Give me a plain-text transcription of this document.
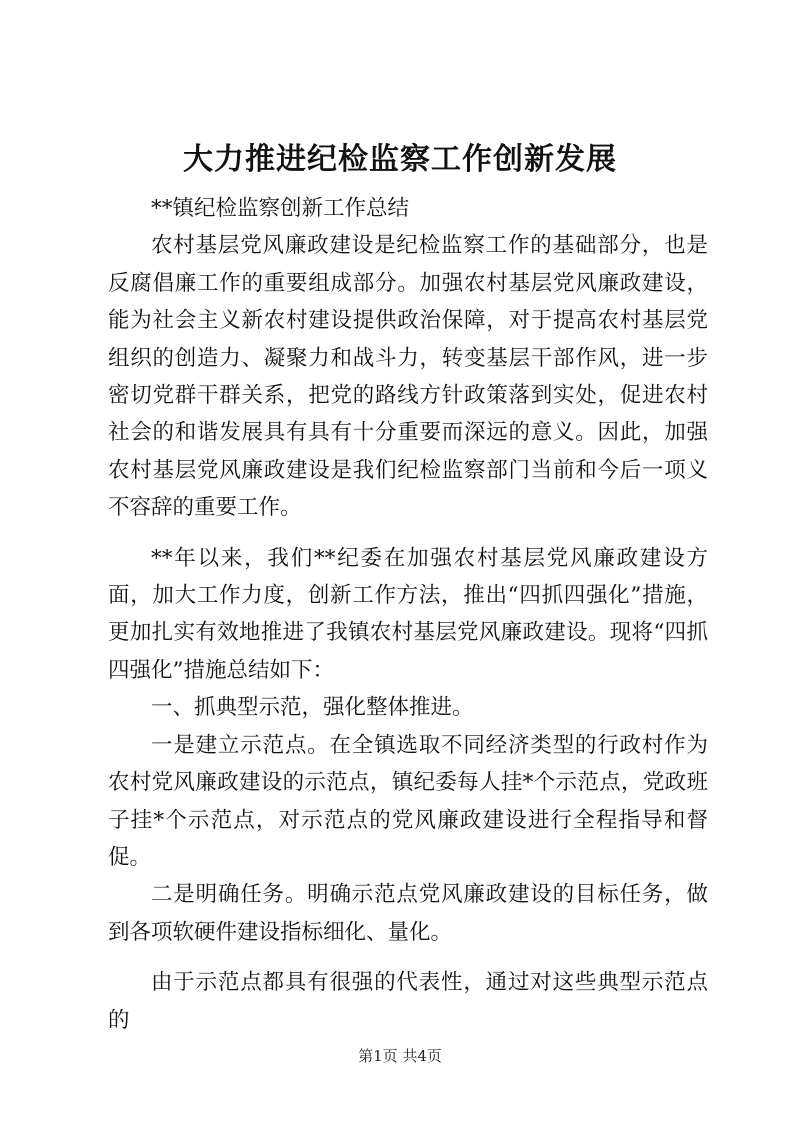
大力推进纪检监察工作创新发展

**镇纪检监察创新工作总结

农村基层党风廉政建设是纪检监察工作的基础部分，也是反腐倡廉工作的重要组成部分。加强农村基层党风廉政建设，能为社会主义新农村建设提供政治保障，对于提高农村基层党组织的创造力、凝聚力和战斗力，转变基层干部作风，进一步密切党群干群关系，把党的路线方针政策落到实处，促进农村社会的和谐发展具有具有十分重要而深远的意义。因此，加强农村基层党风廉政建设是我们纪检监察部门当前和今后一项义不容辞的重要工作。

**年以来，我们**纪委在加强农村基层党风廉政建设方面，加大工作力度，创新工作方法，推出“四抓四强化”措施，更加扎实有效地推进了我镇农村基层党风廉政建设。现将“四抓四强化”措施总结如下：

一、抓典型示范，强化整体推进。

一是建立示范点。在全镇选取不同经济类型的行政村作为农村党风廉政建设的示范点，镇纪委每人挂*个示范点，党政班子挂*个示范点，对示范点的党风廉政建设进行全程指导和督促。

二是明确任务。明确示范点党风廉政建设的目标任务，做到各项软硬件建设指标细化、量化。

由于示范点都具有很强的代表性，通过对这些典型示范点的

第1页 共4页
